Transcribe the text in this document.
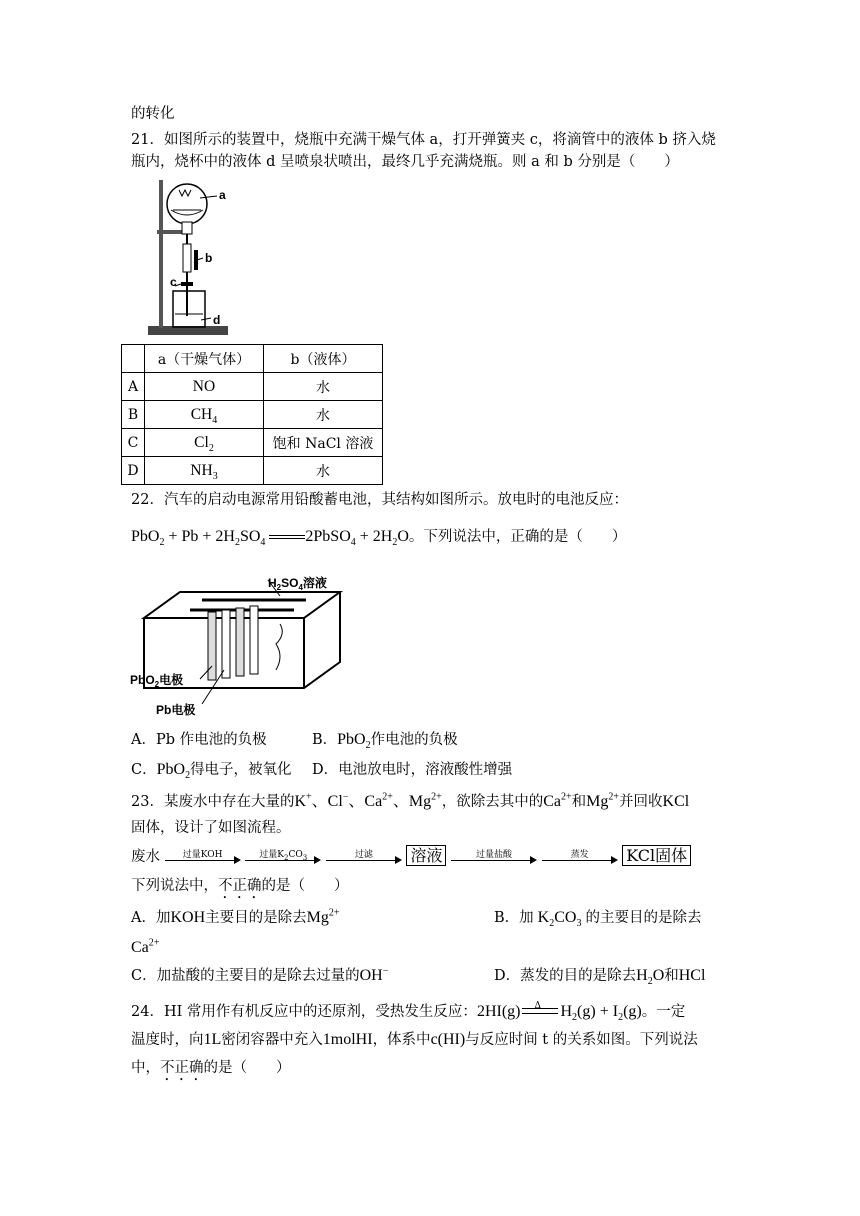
的转化
21．如图所示的装置中，烧瓶中充满干燥气体 a，打开弹簧夹 c，将滴管中的液体 b 挤入烧
瓶内，烧杯中的液体 d 呈喷泉状喷出，最终几乎充满烧瓶。则 a 和 b 分别是（　　）
a
b
c
d
	a（干燥气体）	b（液体）
A	NO	水
B	$CH_4$	水
C	$Cl_2$	饱和 NaCl 溶液
D	$NH_3$	水
22．汽车的启动电源常用铅酸蓄电池，其结构如图所示。放电时的电池反应：
$PbO_2 + Pb + 2H_2SO_4$	2PbSO$_4$ + $2H_2O$。下列说法中，正确的是（　　）
$H_2SO_4$溶液
PbO$_2$电极
Pb电极
A．Pb 作电池的负极	B．PbO$_2$作电池的负极
C．PbO$_2$得电子，被氧化 D．电池放电时，溶液酸性增强
23．某废水中存在大量的K+、Cl−、$Ca^{2+}$、$Mg^{2+}$，欲除去其中的$Ca^{2+}$和$Mg^{2+}$并回收KCl
固体，设计了如图流程。
废水	过量KOH
	过量$K_2CO_3$
	过滤	溶液	过量盐酸
	蒸发	KCl固体
下列说法中，不正确的是（　　）
A．加KOH主要目的是除去$Mg^{2+}$	B．加 $K_2CO_3$ 的主要目的是除去
$Ca^{2+}$
C．加盐酸的主要目的是除去过量的OH−	D．蒸发的目的是除去$H_2O$和HCl
24．HI 常用作有机反应中的还原剂，受热发生反应：2HI(g) Δ $H_2(g) + I_2(g)$。一定
温度时，向1L密闭容器中充入1molHI，体系中c(HI)与反应时间 t 的关系如图。下列说法
中，不正确的是（　　）
